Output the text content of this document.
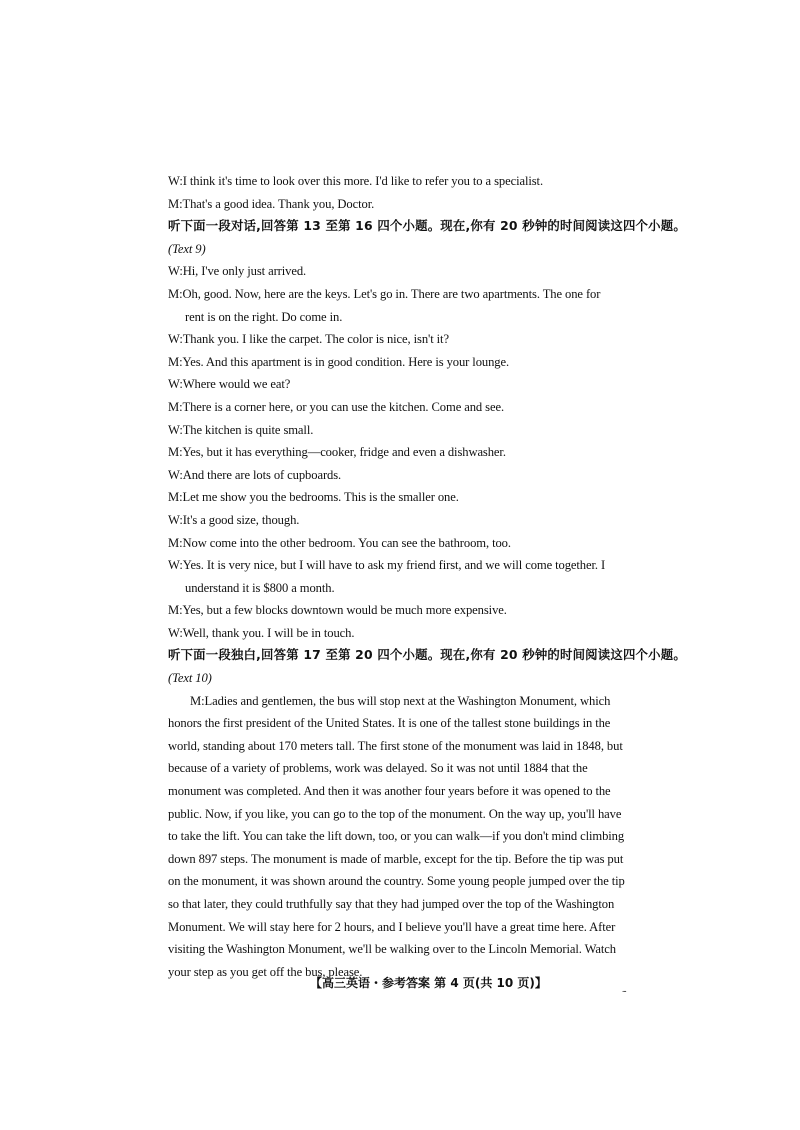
W:I think it's time to look over this more. I'd like to refer you to a specialist.
M:That's a good idea. Thank you, Doctor.
听下面一段对话,回答第 13 至第 16 四个小题。现在,你有 20 秒钟的时间阅读这四个小题。
(Text 9)
W:Hi, I've only just arrived.
M:Oh, good. Now, here are the keys. Let's go in. There are two apartments. The one for
rent is on the right. Do come in.
W:Thank you. I like the carpet. The color is nice, isn't it?
M:Yes. And this apartment is in good condition. Here is your lounge.
W:Where would we eat?
M:There is a corner here, or you can use the kitchen. Come and see.
W:The kitchen is quite small.
M:Yes, but it has everything—cooker, fridge and even a dishwasher.
W:And there are lots of cupboards.
M:Let me show you the bedrooms. This is the smaller one.
W:It's a good size, though.
M:Now come into the other bedroom. You can see the bathroom, too.
W:Yes. It is very nice, but I will have to ask my friend first, and we will come together. I
understand it is $800 a month.
M:Yes, but a few blocks downtown would be much more expensive.
W:Well, thank you. I will be in touch.
听下面一段独白,回答第 17 至第 20 四个小题。现在,你有 20 秒钟的时间阅读这四个小题。
(Text 10)
M:Ladies and gentlemen, the bus will stop next at the Washington Monument, which
honors the first president of the United States. It is one of the tallest stone buildings in the
world, standing about 170 meters tall. The first stone of the monument was laid in 1848, but
because of a variety of problems, work was delayed. So it was not until 1884 that the
monument was completed. And then it was another four years before it was opened to the
public. Now, if you like, you can go to the top of the monument. On the way up, you'll have
to take the lift. You can take the lift down, too, or you can walk—if you don't mind climbing
down 897 steps. The monument is made of marble, except for the tip. Before the tip was put
on the monument, it was shown around the country. Some young people jumped over the tip
so that later, they could truthfully say that they had jumped over the top of the Washington
Monument. We will stay here for 2 hours, and I believe you'll have a great time here. After
visiting the Washington Monument, we'll be walking over to the Lincoln Memorial. Watch
your step as you get off the bus, please.
【高三英语・参考答案 第 4 页(共 10 页)】	...
